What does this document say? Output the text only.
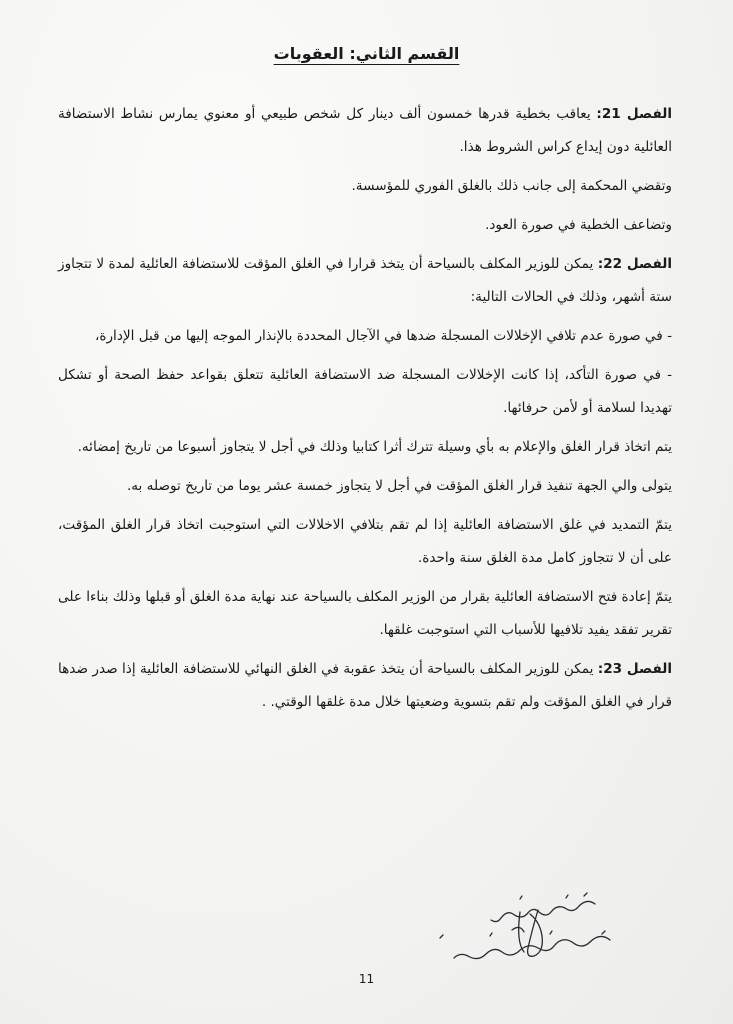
القسم الثاني: العقوبات

الفصل 21: يعاقب بخطية قدرها خمسون ألف دينار كل شخص طبيعي أو معنوي يمارس نشاط الاستضافة العائلية دون إيداع كراس الشروط هذا.

وتقضي المحكمة إلى جانب ذلك بالغلق الفوري للمؤسسة.

وتضاعف الخطية في صورة العود.

الفصل 22: يمكن للوزير المكلف بالسياحة أن يتخذ قرارا في الغلق المؤقت للاستضافة العائلية لمدة لا تتجاوز ستة أشهر، وذلك في الحالات التالية:

- في صورة عدم تلافي الإخلالات المسجلة ضدها في الآجال المحددة بالإنذار الموجه إليها من قبل الإدارة،

- في صورة التأكد، إذا كانت الإخلالات المسجلة ضد الاستضافة العائلية تتعلق بقواعد حفظ الصحة أو تشكل تهديدا لسلامة أو لأمن حرفائها.

يتم اتخاذ قرار الغلق والإعلام به بأي وسيلة تترك أثرا كتابيا وذلك في أجل لا يتجاوز أسبوعا من تاريخ إمضائه.

يتولى والي الجهة تنفيذ قرار الغلق المؤقت في أجل لا يتجاوز خمسة عشر يوما من تاريخ توصله به.

يتمّ التمديد في غلق الاستضافة العائلية إذا لم تقم بتلافي الاخلالات التي استوجبت اتخاذ قرار الغلق المؤقت، على أن لا تتجاوز كامل مدة الغلق سنة واحدة.

يتمّ إعادة فتح الاستضافة العائلية بقرار من الوزير المكلف بالسياحة عند نهاية مدة الغلق أو قبلها وذلك بناءا على تقرير تفقد يفيد تلافيها للأسباب التي استوجبت غلقها.

الفصل 23: يمكن للوزير المكلف بالسياحة أن يتخذ عقوبة في الغلق النهائي للاستضافة العائلية إذا صدر ضدها قرار في الغلق المؤقت ولم تقم بتسوية وضعيتها خلال مدة غلقها الوقتي. .

11
